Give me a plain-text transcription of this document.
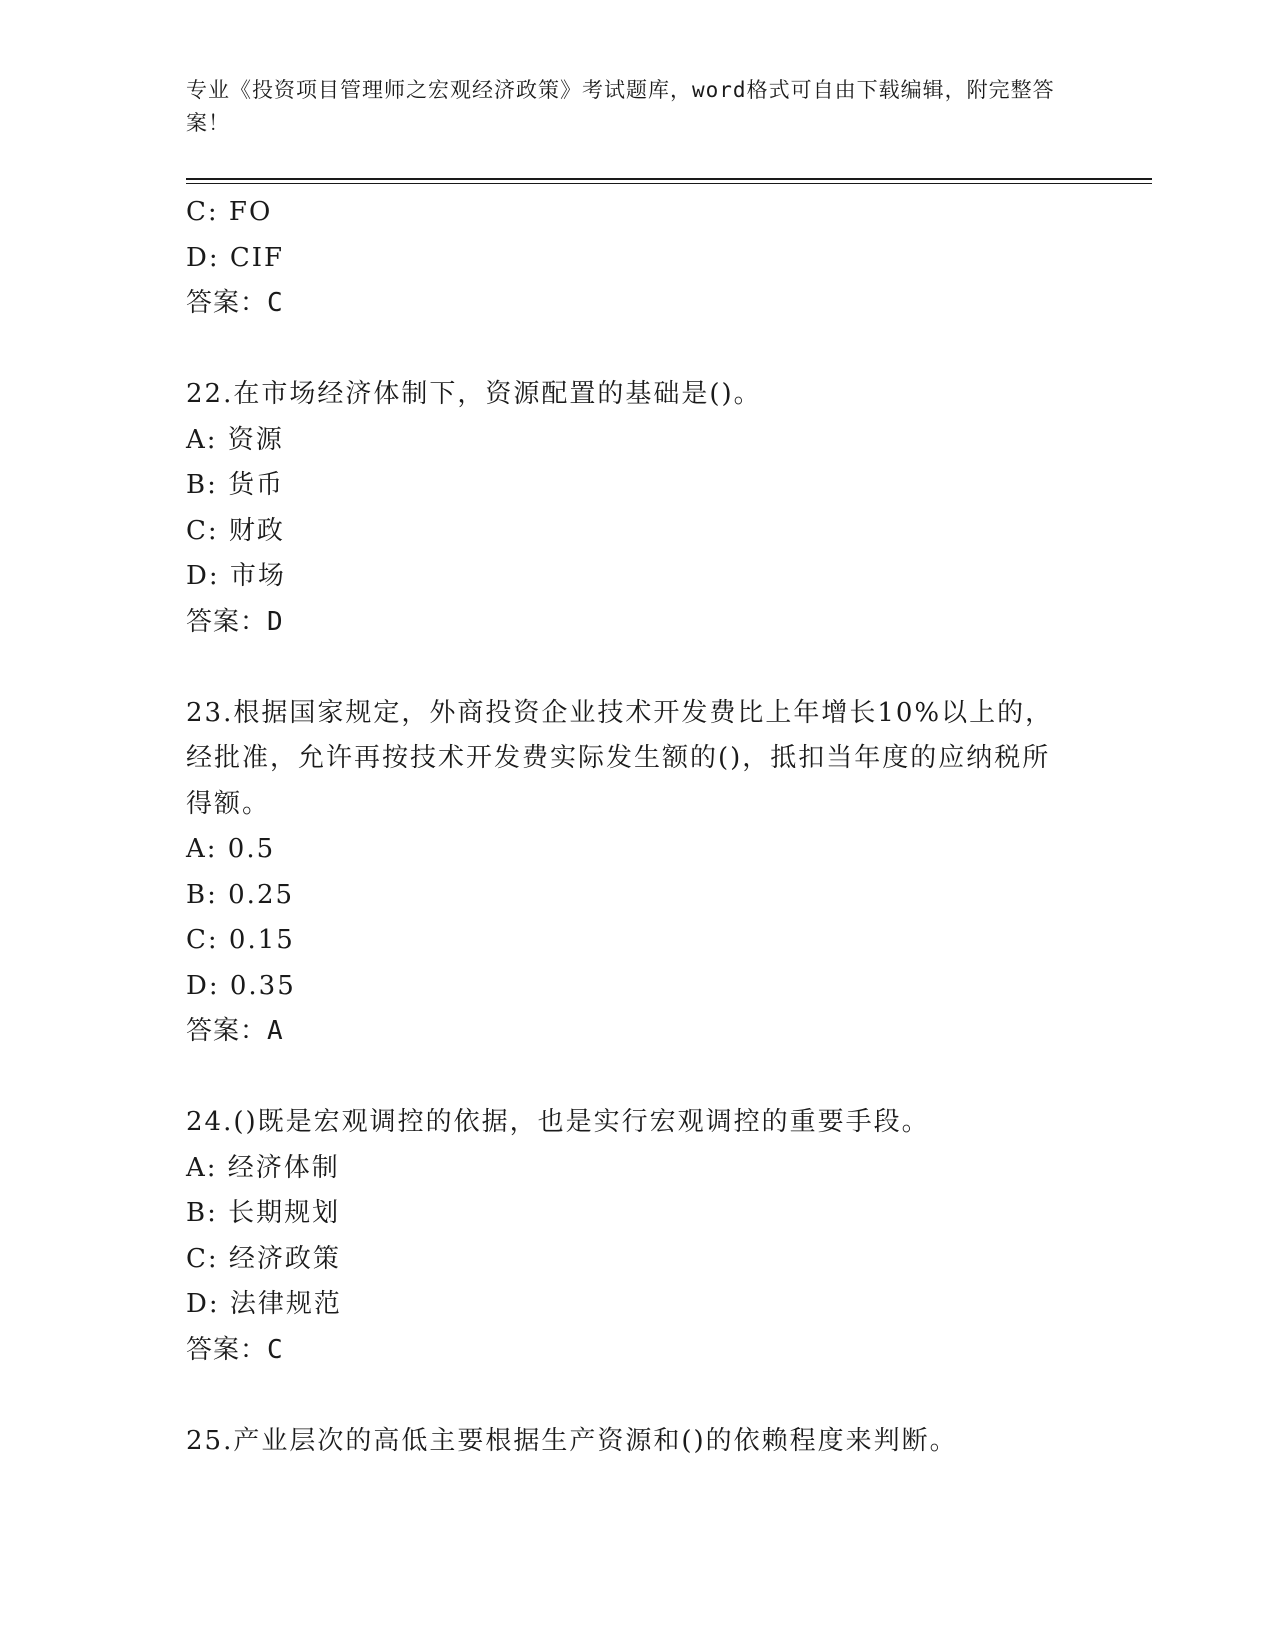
专业《投资项目管理师之宏观经济政策》考试题库，word格式可自由下载编辑，附完整答案！
C: FO
D: CIF
答案：C
22.在市场经济体制下，资源配置的基础是()。
A: 资源
B: 货币
C: 财政
D: 市场
答案：D
23.根据国家规定，外商投资企业技术开发费比上年增长10%以上的，经批准，允许再按技术开发费实际发生额的()，抵扣当年度的应纳税所得额。
A: 0.5
B: 0.25
C: 0.15
D: 0.35
答案：A
24.()既是宏观调控的依据，也是实行宏观调控的重要手段。
A: 经济体制
B: 长期规划
C: 经济政策
D: 法律规范
答案：C
25.产业层次的高低主要根据生产资源和()的依赖程度来判断。
